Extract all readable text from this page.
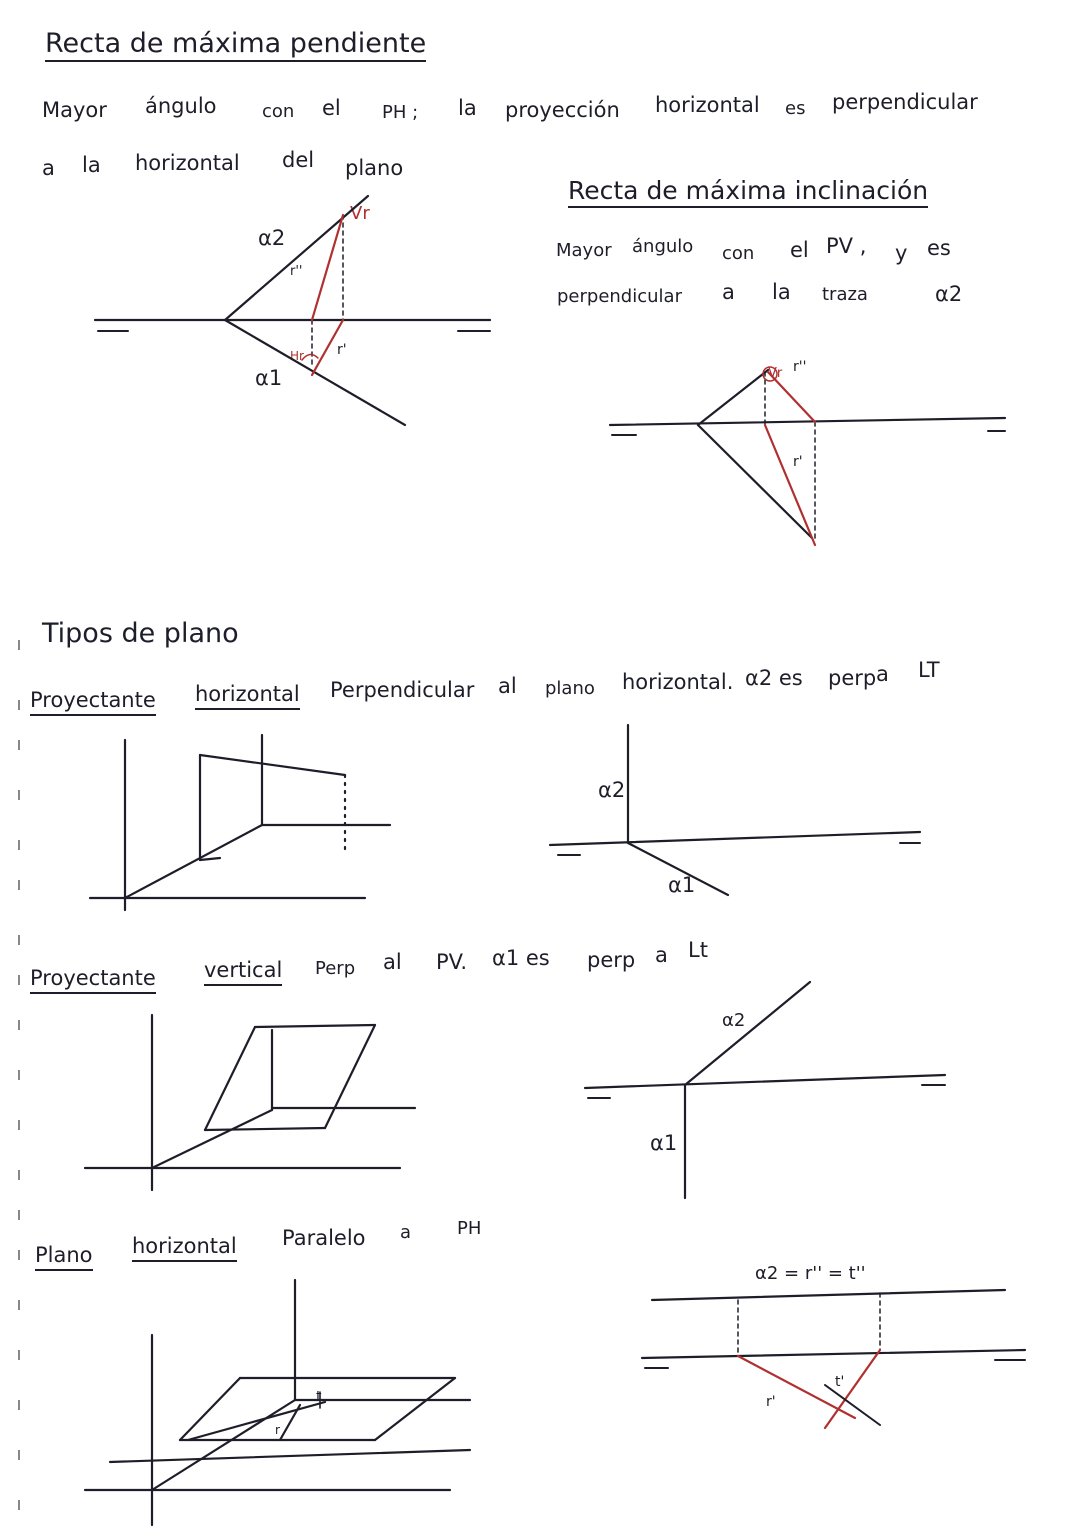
Recta de máxima pendiente
Mayor ángulo	con el PH ; la proyección horizontal es perpendicular
a la horizontal del plano
α2
Vr
r''
α1
Hr r'
Recta de máxima inclinación
Mayor ángulo con el PV , y es
perpendicular a la traza	α2
Vr r''
r'
Tipos de plano
Proyectante horizontal Perpendicular al plano horizontal. α2 es perp a LT
α2
α1
Proyectante vertical Perp al PV. α1 es perp a Lt
α2
α1
Plano horizontal Paralelo a	PH
α2 = r'' = t''
r'
t'
r
t
